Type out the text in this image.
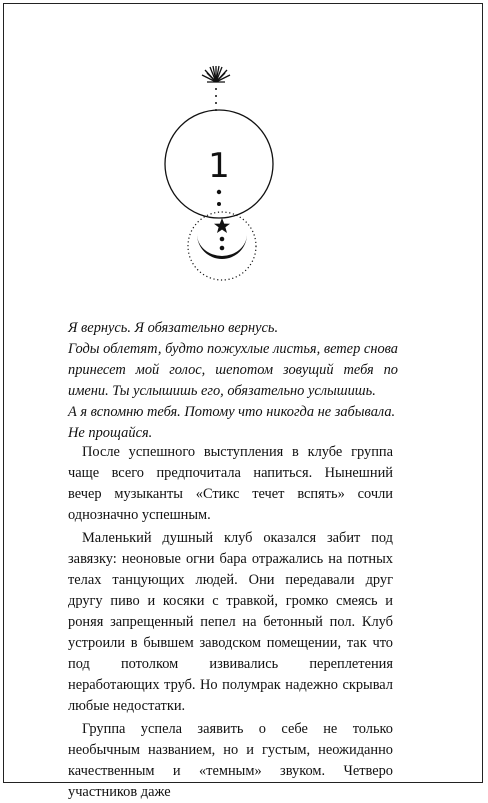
1

Я вернусь. Я обязательно вернусь.

Годы облетят, будто пожухлые листья, ветер снова принесет мой голос, шепотом зовущий тебя по имени. Ты услышишь его, обязательно услышишь.

А я вспомню тебя. Потому что никогда не забывала.

Не прощайся.

После успешного выступления в клубе группа чаще всего предпочитала напиться. Нынешний вечер музыканты «Стикс течет вспять» сочли однозначно успешным.

Маленький душный клуб оказался забит под завязку: неоновые огни бара отражались на потных телах танцующих людей. Они передавали друг другу пиво и косяки с травкой, громко смеясь и роняя запрещенный пепел на бетонный пол. Клуб устроили в бывшем заводском помещении, так что под потолком извивались переплетения неработающих труб. Но полумрак надежно скрывал любые недостатки.

Группа успела заявить о себе не только необычным названием, но и густым, неожиданно качественным и «темным» звуком. Четверо участников даже
